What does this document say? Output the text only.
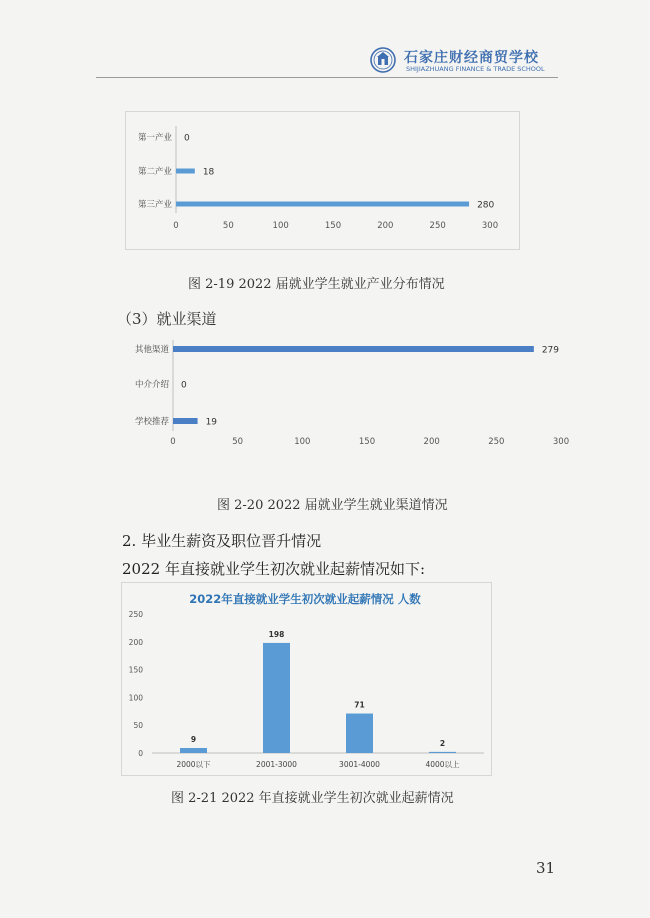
石家庄财经商贸学校
SHIJIAZHUANG FINANCE & TRADE SCHOOL
第一产业 0
第二产业	18
第三产业	280
0	50	100	150	200	250	300
图 2-19 2022 届就业学生就业产业分布情况
（3）就业渠道
其他渠道	279
中介介绍 0
学校推荐	19
0	50	100	150	200	250	300
图 2-20 2022 届就业学生就业渠道情况
2. 毕业生薪资及职位晋升情况
2022 年直接就业学生初次就业起薪情况如下:
2022年直接就业学生初次就业起薪情况 人数
0
50
100
150
200
250
9
2000以下
198
2001-3000
71
3001-4000
2
4000以上
图 2-21 2022 年直接就业学生初次就业起薪情况
31
